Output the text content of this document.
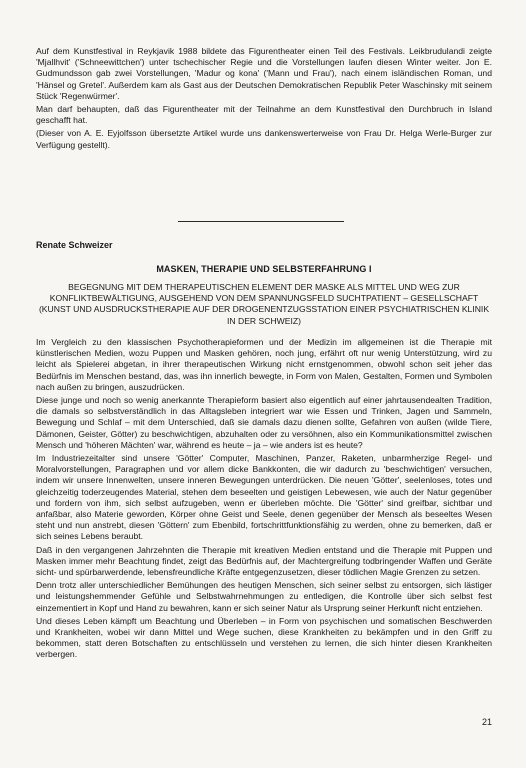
Auf dem Kunstfestival in Reykjavik 1988 bildete das Figurentheater einen Teil des Festivals. Leikbrudulandi zeigte 'Mjallhvit' ('Schneewittchen') unter tschechischer Regie und die Vorstellungen laufen diesen Winter weiter. Jon E. Gudmundsson gab zwei Vorstellungen, 'Madur og kona' ('Mann und Frau'), nach einem isländischen Roman, und 'Hänsel og Gretel'. Außerdem kam als Gast aus der Deutschen Demokratischen Republik Peter Waschinsky mit seinem Stück 'Regenwürmer'.

Man darf behaupten, daß das Figurentheater mit der Teilnahme an dem Kunstfestival den Durchbruch in Island geschafft hat.

(Dieser von A. E. Eyjolfsson übersetzte Artikel wurde uns dankenswerterweise von Frau Dr. Helga Werle-Burger zur Verfügung gestellt).

Renate Schweizer
MASKEN, THERAPIE UND SELBSTERFAHRUNG I
BEGEGNUNG MIT DEM THERAPEUTISCHEN ELEMENT DER MASKE ALS MITTEL UND WEG ZUR KONFLIKTBEWÄLTIGUNG, AUSGEHEND VON DEM SPANNUNGSFELD SUCHTPATIENT – GESELLSCHAFT (KUNST UND AUSDRUCKSTHERAPIE AUF DER DROGENENTZUGSSTATION EINER PSYCHIATRISCHEN KLINIK IN DER SCHWEIZ)

Im Vergleich zu den klassischen Psychotherapieformen und der Medizin im allgemeinen ist die Therapie mit künstlerischen Medien, wozu Puppen und Masken gehören, noch jung, erfährt oft nur wenig Unterstützung, wird zu leicht als Spielerei abgetan, in ihrer therapeutischen Wirkung nicht ernstgenommen, obwohl schon seit jeher das Bedürfnis im Menschen bestand, das, was ihn innerlich bewegte, in Form von Malen, Gestalten, Formen und Symbolen nach außen zu bringen, auszudrücken.

Diese junge und noch so wenig anerkannte Therapieform basiert also eigentlich auf einer jahrtausendealten Tradition, die damals so selbstverständlich in das Alltagsleben integriert war wie Essen und Trinken, Jagen und Sammeln, Bewegung und Schlaf – mit dem Unterschied, daß sie damals dazu dienen sollte, Gefahren von außen (wilde Tiere, Dämonen, Geister, Götter) zu beschwichtigen, abzuhalten oder zu versöhnen, also ein Kommunikationsmittel zwischen Mensch und 'höheren Mächten' war, während es heute – ja – wie anders ist es heute?

Im Industriezeitalter sind unsere 'Götter' Computer, Maschinen, Panzer, Raketen, unbarmherzige Regel- und Moralvorstellungen, Paragraphen und vor allem dicke Bankkonten, die wir dadurch zu 'beschwichtigen' versuchen, indem wir unsere Innenwelten, unsere inneren Bewegungen unterdrücken. Die neuen 'Götter', seelenloses, totes und gleichzeitig toderzeugendes Material, stehen dem beseelten und geistigen Lebewesen, wie auch der Natur gegenüber und fordern von ihm, sich selbst aufzugeben, wenn er überleben möchte. Die 'Götter' sind greifbar, sichtbar und anfaßbar, also Materie geworden, Körper ohne Geist und Seele, denen gegenüber der Mensch als beseeltes Wesen steht und nun anstrebt, diesen 'Göttern' zum Ebenbild, fortschrittfunktionsfähig zu werden, ohne zu bemerken, daß er sich seines Lebens beraubt.

Daß in den vergangenen Jahrzehnten die Therapie mit kreativen Medien entstand und die Therapie mit Puppen und Masken immer mehr Beachtung findet, zeigt das Bedürfnis auf, der Machtergreifung todbringender Waffen und Geräte sicht- und spürbarwerdende, lebensfreundliche Kräfte entgegenzusetzen, dieser tödlichen Magie Grenzen zu setzen.

Denn trotz aller unterschiedlicher Bemühungen des heutigen Menschen, sich seiner selbst zu entsorgen, sich lästiger und leistungshemmender Gefühle und Selbstwahrnehmungen zu entledigen, die Kontrolle über sich selbst fest einzementiert in Kopf und Hand zu bewahren, kann er sich seiner Natur als Ursprung seiner Herkunft nicht entziehen.

Und dieses Leben kämpft um Beachtung und Überleben – in Form von psychischen und somatischen Beschwerden und Krankheiten, wobei wir dann Mittel und Wege suchen, diese Krankheiten zu bekämpfen und in den Griff zu bekommen, statt deren Botschaften zu entschlüsseln und verstehen zu lernen, die sich hinter diesen Krankheiten verbergen.

21
